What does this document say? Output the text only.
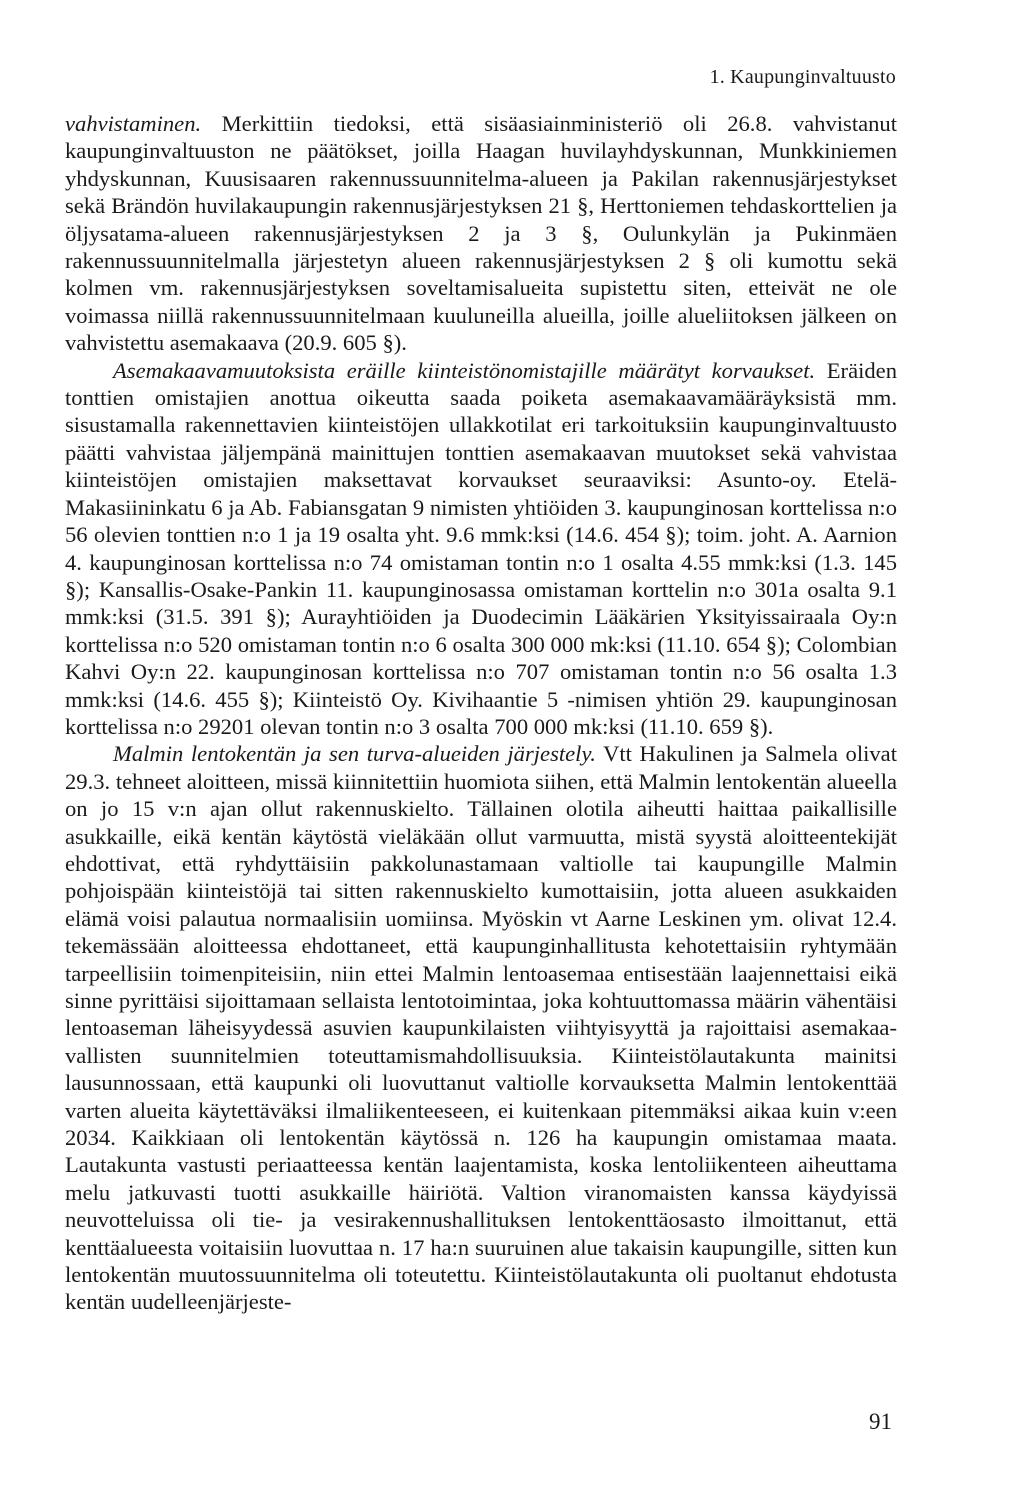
1. Kaupunginvaltuusto

vahvistaminen. Merkittiin tiedoksi, että sisäasiainministeriö oli 26.8. vahvistanut kaupunginvaltuuston ne päätökset, joilla Haagan huvilayhdyskunnan, Munkkiniemen yhdyskunnan, Kuusisaaren rakennussuunnitelma-alueen ja Pakilan rakennusjärjestykset sekä Brändön huvilakaupungin rakennusjärjestyksen 21 §, Herttoniemen tehdaskorttelien ja öljysatama-alueen rakennusjärjestyksen 2 ja 3 §, Oulunkylän ja Pukinmäen rakennussuunnitelmalla järjestetyn alueen rakennusjärjestyksen 2 § oli kumottu sekä kolmen vm. rakennusjärjestyksen soveltamisalueita supistettu siten, etteivät ne ole voimassa niillä rakennussuunnitelmaan kuuluneilla alueilla, joille alueliitoksen jälkeen on vahvistettu asemakaava (20.9. 605 §).

Asemakaavamuutoksista eräille kiinteistönomistajille määrätyt korvaukset. Eräiden tonttien omistajien anottua oikeutta saada poiketa asemakaavamääräyksistä mm. sisustamalla rakennettavien kiinteistöjen ullakkotilat eri tarkoituksiin kaupunginvaltuusto päätti vahvistaa jäljempänä mainittujen tonttien asemakaavan muutokset sekä vahvistaa kiinteistöjen omistajien maksettavat korvaukset seuraaviksi: Asunto-oy. Etelä-Makasiininkatu 6 ja Ab. Fabiansgatan 9 nimisten yhtiöiden 3. kaupunginosan korttelissa n:o 56 olevien tonttien n:o 1 ja 19 osalta yht. 9.6 mmk:ksi (14.6. 454 §); toim. joht. A. Aarnion 4. kaupunginosan korttelissa n:o 74 omistaman tontin n:o 1 osalta 4.55 mmk:ksi (1.3. 145 §); Kansallis-Osake-Pankin 11. kaupunginosassa omistaman korttelin n:o 301a osalta 9.1 mmk:ksi (31.5. 391 §); Aurayhtiöiden ja Duodecimin Lääkärien Yksityissairaala Oy:n korttelissa n:o 520 omistaman tontin n:o 6 osalta 300 000 mk:ksi (11.10. 654 §); Colombian Kahvi Oy:n 22. kaupunginosan korttelissa n:o 707 omistaman tontin n:o 56 osalta 1.3 mmk:ksi (14.6. 455 §); Kiinteistö Oy. Kivihaantie 5 -nimisen yhtiön 29. kaupunginosan korttelissa n:o 29201 olevan tontin n:o 3 osalta 700 000 mk:ksi (11.10. 659 §).

Malmin lentokentän ja sen turva-alueiden järjestely. Vtt Hakulinen ja Salmela olivat 29.3. tehneet aloitteen, missä kiinnitettiin huomiota siihen, että Malmin lentokentän alueella on jo 15 v:n ajan ollut rakennuskielto. Tällainen olotila aiheutti haittaa paikallisille asukkaille, eikä kentän käytöstä vieläkään ollut varmuutta, mistä syystä aloitteentekijät ehdottivat, että ryhdyttäisiin pakkolunastamaan valtiolle tai kaupungille Malmin pohjoispään kiinteistöjä tai sitten rakennuskielto kumottaisiin, jotta alueen asukkaiden elämä voisi palautua normaalisiin uomiinsa. Myöskin vt Aarne Leskinen ym. olivat 12.4. tekemässään aloitteessa ehdottaneet, että kaupunginhallitusta kehotettaisiin ryhtymään tarpeellisiin toimenpiteisiin, niin ettei Malmin lentoasemaa entisestään laajennettaisi eikä sinne pyrittäisi sijoittamaan sellaista lentotoimintaa, joka kohtuuttomassa määrin vähentäisi lentoaseman läheisyydessä asuvien kaupunkilaisten viihtyisyyttä ja rajoittaisi asemakaavallisten suunnitelmien toteuttamismahdollisuuksia. Kiinteistölautakunta mainitsi lausunnossaan, että kaupunki oli luovuttanut valtiolle korvauksetta Malmin lentokenttää varten alueita käytettäväksi ilmaliikenteeseen, ei kuitenkaan pitemmäksi aikaa kuin v:een 2034. Kaikkiaan oli lentokentän käytössä n. 126 ha kaupungin omistamaa maata. Lautakunta vastusti periaatteessa kentän laajentamista, koska lentoliikenteen aiheuttama melu jatkuvasti tuotti asukkaille häiriötä. Valtion viranomaisten kanssa käydyissä neuvotteluissa oli tie- ja vesirakennushallituksen lentokenttäosasto ilmoittanut, että kenttäalueesta voitaisiin luovuttaa n. 17 ha:n suuruinen alue takaisin kaupungille, sitten kun lentokentän muutossuunnitelma oli toteutettu. Kiinteistölautakunta oli puoltanut ehdotusta kentän uudelleenjärjeste-

91
